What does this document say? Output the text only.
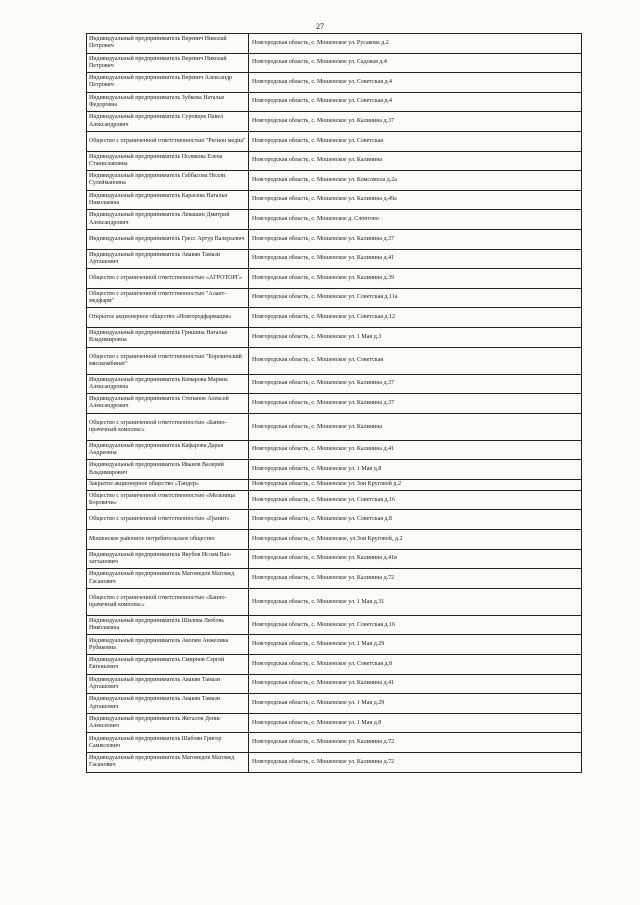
27
Индивидуальный предприниматель Веревич Николай Петрович	Новгородская область, с. Мошенское ул. Русакова д.2
Индивидуальный предприниматель Веревич Николай Петрович	Новгородская область, с. Мошенское ул. Садовая д.4
Индивидуальный предприниматель Веревич Александр Петрович	Новгородская область, с. Мошенское ул. Советская д.4
Индивидуальный предприниматель Зубкова Наталья Федоровна	Новгородская область, с. Мошенское ул. Советская д.4
Индивидуальный предприниматель Суровцев Павел Александрович	Новгородская область, с. Мошенское ул. Калинина д.37
Общество с ограниченной ответственностью "Регион медиа"	Новгородская область, с. Мошенское ул. Советская
Индивидуальный предприниматель Полякова Елена Станиславовна	Новгородская область, с. Мошенское ул. Калинина
Индивидуальный предприниматель Габбасова Нелли Сулеймановна	Новгородская область, с. Мошенское ул. Комсомола д.2а
Индивидуальный предприниматель Карасева Наталья Николаевна	Новгородская область, с. Мошенское ул. Калинина д.49а
Индивидуальный предприниматель Левашин Дмитрий Александрович	Новгородская область, с. Мошенское д. Слоптово
Индивидуальный предприниматель Гресс Артур Валерьевич	Новгородская область, с. Мошенское ул. Калинина д.37
Индивидуальный предприниматель Авакян Тамази Арташович	Новгородская область, с. Мошенское ул. Калинина д.41
Общество с ограниченной ответственностью «АГРОТОРГ»	Новгородская область, с. Мошенское ул. Калинина д.39
Общество с ограниченной ответственностью "Алант-медфарм"	Новгородская область, с. Мошенское ул. Советская д.11а
Открытое акционерное общество «Новгородфармация»	Новгородская область, с. Мошенское ул. Советская д.12
Индивидуальный предприниматель Гришина Наталья Владимировна	Новгородская область, с. Мошенское ул. 1 Мая д.3
Общество с ограниченной ответственностью "Боровичский мясокомбинат"	Новгородская область, с. Мошенское ул. Советская
Индивидуальный предприниматель Комарова Марина Александровна	Новгородская область, с. Мошенское ул. Калинина д.37
Индивидуальный предприниматель Степанов Алексей Александрович	Новгородская область, с. Мошенское ул. Калинина д.37
Общество с ограниченной ответственностью «Банно-прачечный комплекс»	Новгородская область, с. Мошенское ул. Калинина
Индивидуальный предприниматель Кафарова Дарья Андреевна	Новгородская область, с. Мошенское ул. Калинина д.41
Индивидуальный предприниматель Иванов Валерий Владимирович	Новгородская область, с. Мошенское ул. 1 Мая д.8
Закрытое акционерное общество «Тандер»	Новгородская область, с. Мошенское ул. Зои Круговой д.2
Общество с ограниченной ответственностью «Мельница Боровичи»	Новгородская область, с. Мошенское ул. Советская д.16
Общество с ограниченной ответственностью «Гранит»	Новгородская область, с. Мошенское ул. Советская д.8
Мошенское районное потребительское общество	Новгородская область, с. Мошенское, ул.Зои Круговой, д.2
Индивидуальный предприниматель Якубов Ислам Вах-хатханович	Новгородская область, с. Мошенское ул. Калинина д.41в
Индивидуальный предприниматель Магомедов Магомед Гасанович	Новгородская область, с. Мошенское ул. Калинина д.72
Общество с ограниченной ответственностью «Банно-прачечный комплекс»	Новгородская область, с. Мошенское ул. 1 Мая д.31
Индивидуальный предприниматель Шилова Любовь Николаевна	Новгородская область, с. Мошенское ул. Советская д.16
Индивидуальный предприниматель Акопян Анжелика Рубиковна	Новгородская область, с. Мошенское ул. 1 Мая д.29
Индивидуальный предприниматель Смирнов Сергей Евгеньевич	Новгородская область, с. Мошенское ул. Советская д.8
Индивидуальный предприниматель Авакян Тамази Арташович	Новгородская область, с. Мошенское ул. Калинина д.41
Индивидуальный предприниматель Авакян Тамази Арташович	Новгородская область, с. Мошенское ул. 1 Мая д.29
Индивидуальный предприниматель Жегалов Денис Алексеевич	Новгородская область, с. Мошенское ул. 1 Мая д.8
Индивидуальный предприниматель Шабоян Григор Самвелович	Новгородская область, с. Мошенское ул. Калинина д.72
Индивидуальный предприниматель Магомедов Магомед Гасанович	Новгородская область, с. Мошенское ул. Калинина д.72
